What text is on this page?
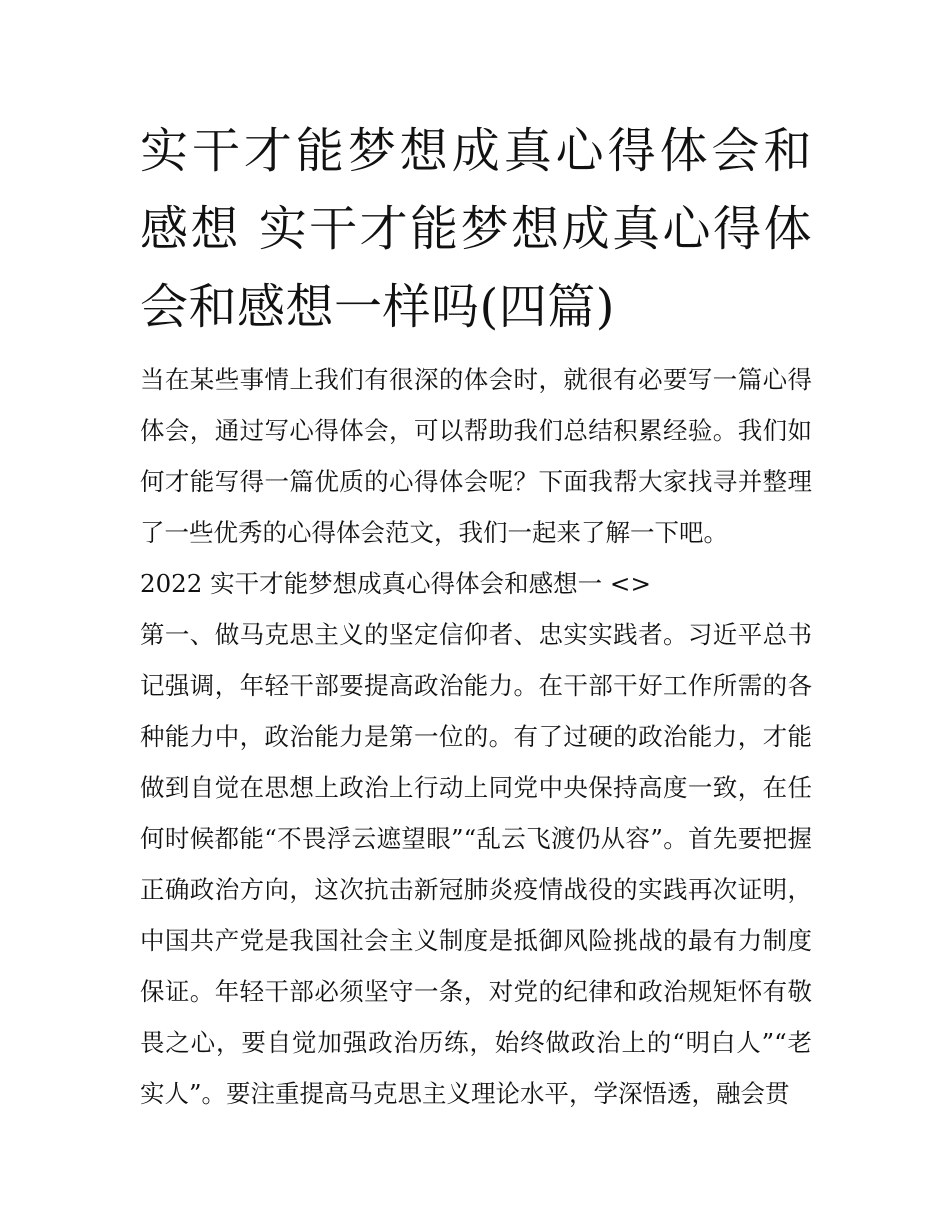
实干才能梦想成真心得体会和感想 实干才能梦想成真心得体会和感想一样吗(四篇)

当在某些事情上我们有很深的体会时，就很有必要写一篇心得体会，通过写心得体会，可以帮助我们总结积累经验。我们如何才能写得一篇优质的心得体会呢？下面我帮大家找寻并整理了一些优秀的心得体会范文，我们一起来了解一下吧。

2022 实干才能梦想成真心得体会和感想一 <>

第一、做马克思主义的坚定信仰者、忠实实践者。习近平总书记强调，年轻干部要提高政治能力。在干部干好工作所需的各种能力中，政治能力是第一位的。有了过硬的政治能力，才能做到自觉在思想上政治上行动上同党中央保持高度一致，在任何时候都能“不畏浮云遮望眼”“乱云飞渡仍从容”。首先要把握正确政治方向，这次抗击新冠肺炎疫情战役的实践再次证明，中国共产党是我国社会主义制度是抵御风险挑战的最有力制度保证。年轻干部必须坚守一条，对党的纪律和政治规矩怀有敬畏之心，要自觉加强政治历练，始终做政治上的“明白人”“老实人”。要注重提高马克思主义理论水平，学深悟透，融会贯
